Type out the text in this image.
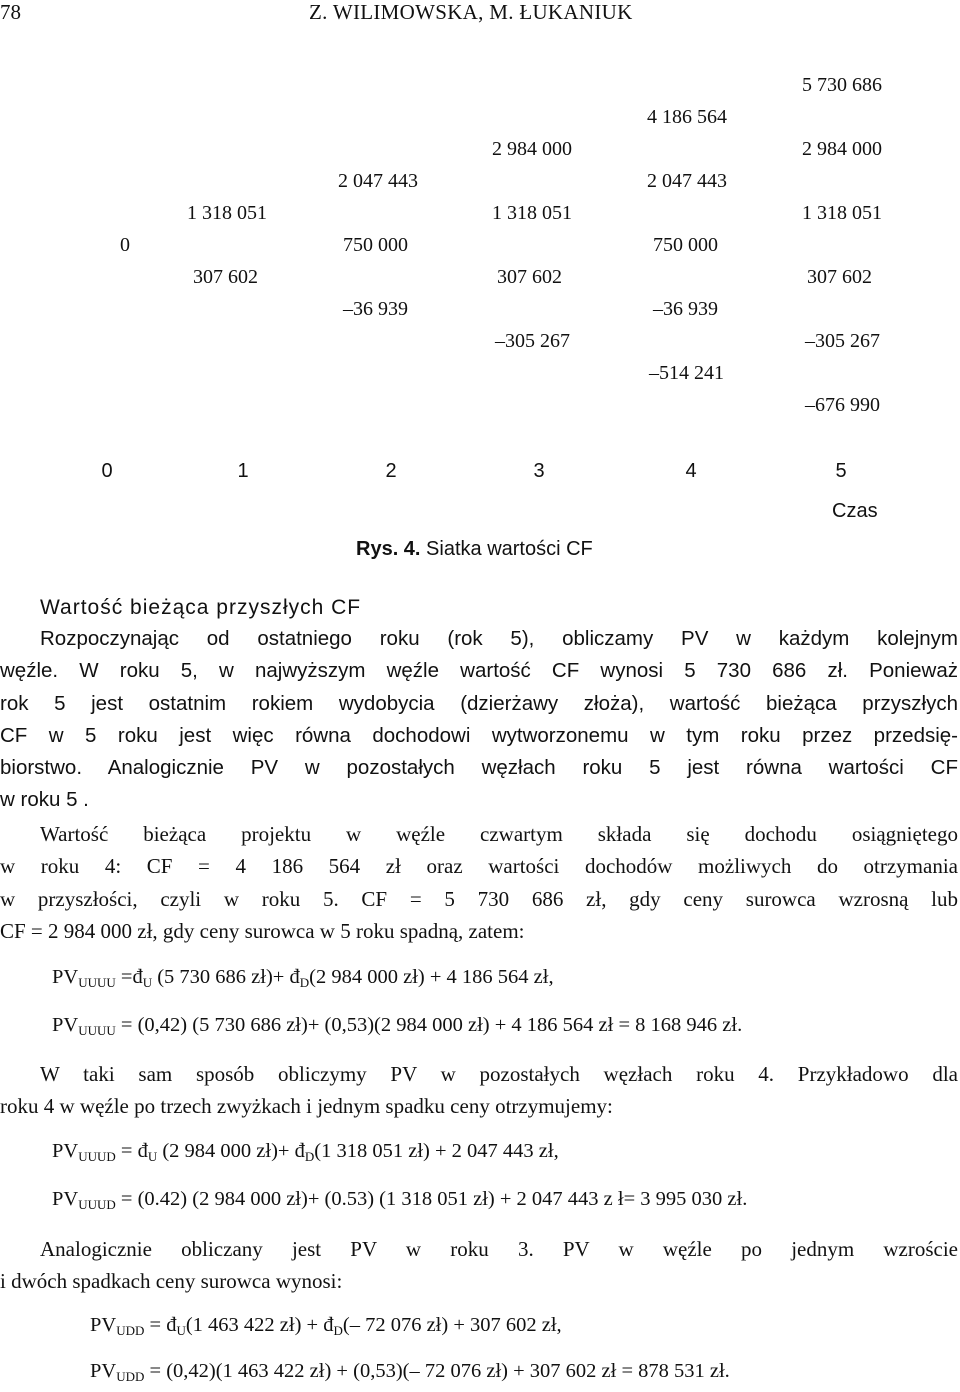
78	Z. WILIMOWSKA, M. ŁUKANIUK
0
1 318 051
307 602
2 047 443
750 000
–36 939
2 984 000
1 318 051
307 602
–305 267
4 186 564
2 047 443
750 000
–36 939
–514 241
5 730 686
2 984 000
1 318 051
307 602
–305 267
–676 990
0	1	2	3	4	5
Czas
Rys. 4. Siatka wartości CF
Wartość bieżąca przyszłych CF
Rozpoczynając od ostatniego roku (rok 5), obliczamy PV w każdym kolejnym
węźle. W roku 5, w najwyższym węźle wartość CF wynosi 5 730 686 zł. Ponieważ
rok 5 jest ostatnim rokiem wydobycia (dzierżawy złoża), wartość bieżąca przyszłych
CF w 5 roku jest więc równa dochodowi wytworzonemu w tym roku przez przedsię-
biorstwo. Analogicznie PV w pozostałych węzłach roku 5 jest równa wartości CF
w roku 5 .
Wartość bieżąca projektu w węźle czwartym składa się dochodu osiągniętego
w roku 4: CF = 4 186 564 zł oraz wartości dochodów możliwych do otrzymania
w przyszłości, czyli w roku 5. CF = 5 730 686 zł, gdy ceny surowca wzrosną lub
CF = 2 984 000 zł, gdy ceny surowca w 5 roku spadną, zatem:
$PV_{UUUU}$ $=đ_U$ (5 730 686 zł)+ $đ_D(2$ 984 000 zł) + 4 186 564 zł,
$PV_{UUUU} = (0,42)$ (5 730 686 zł)+ (0,53)(2 984 000 zł) + 4 186 564 zł = 8 168 946 zł.
W taki sam sposób obliczymy PV w pozostałych węzłach roku 4. Przykładowo dla
roku 4 w węźle po trzech zwyżkach i jednym spadku ceny otrzymujemy:
$PV_{UUUD}$ = $đ_U$ (2 984 000 zł)+ $đ_D(1$ 318 051 zł) + 2 047 443 zł,
$PV_{UUUD} = (0.42)$ (2 984 000 zł)+ (0.53) (1 318 051 zł) + 2 047 443 z ł= 3 995 030 zł.
Analogicznie obliczany jest PV w roku 3. PV w węźle po jednym wzroście
i dwóch spadkach ceny surowca wynosi:
$PV_{UDD}$ = $đ_U(1$ 463 422 zł) + $đ_D(-$ 72 076 zł) + 307 602 zł,
$PV_{UDD} = (0,42)(1$ 463 422 zł) + (0,53)(– 72 076 zł) + 307 602 zł = 878 531 zł.
